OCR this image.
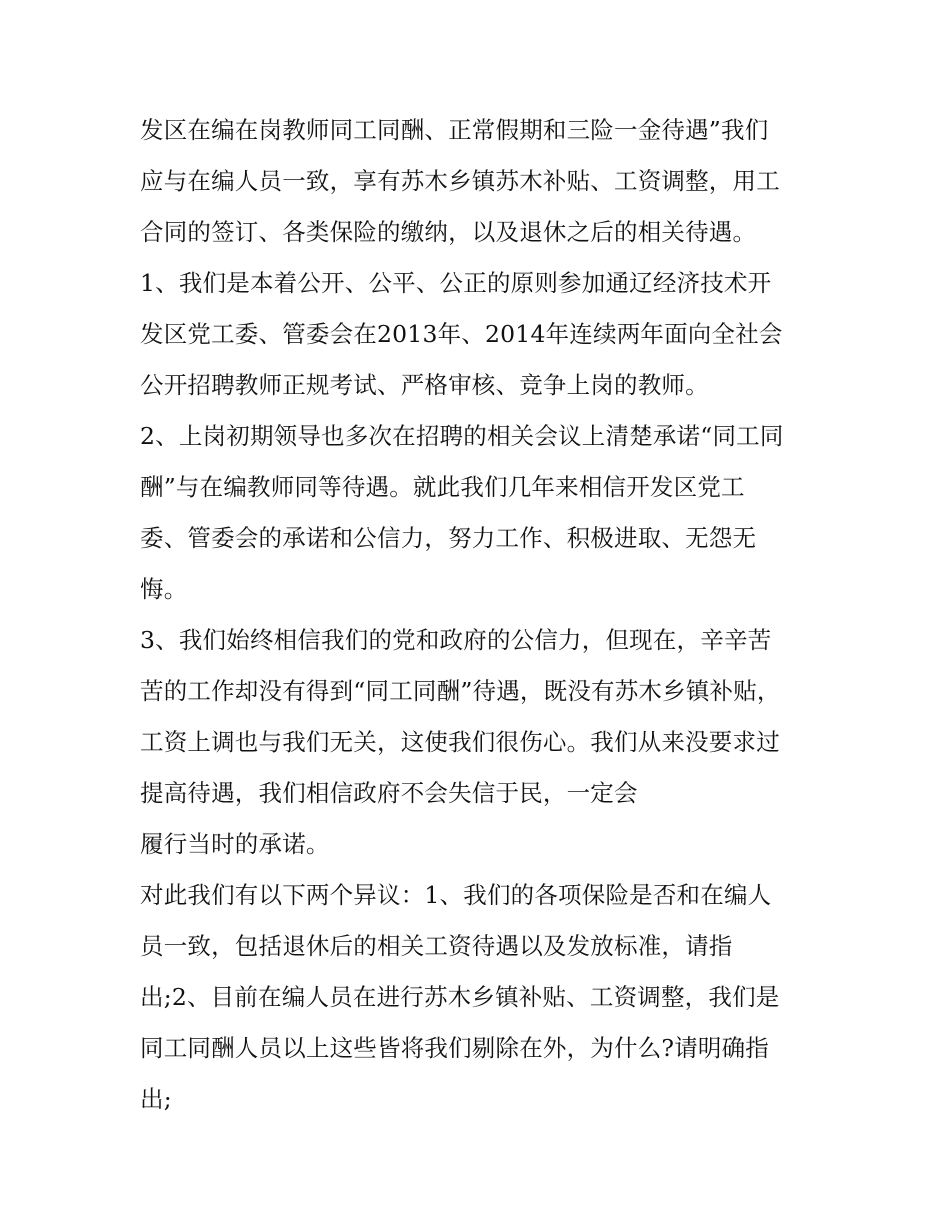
发区在编在岗教师同工同酬、正常假期和三险一金待遇”我们
应与在编人员一致，享有苏木乡镇苏木补贴、工资调整，用工
合同的签订、各类保险的缴纳，以及退休之后的相关待遇。
1、我们是本着公开、公平、公正的原则参加通辽经济技术开
发区党工委、管委会在2013年、2014年连续两年面向全社会
公开招聘教师正规考试、严格审核、竞争上岗的教师。
2、上岗初期领导也多次在招聘的相关会议上清楚承诺“同工同
酬”与在编教师同等待遇。就此我们几年来相信开发区党工
委、管委会的承诺和公信力，努力工作、积极进取、无怨无
悔。
3、我们始终相信我们的党和政府的公信力，但现在，辛辛苦
苦的工作却没有得到“同工同酬”待遇，既没有苏木乡镇补贴，
工资上调也与我们无关，这使我们很伤心。我们从来没要求过
提高待遇，我们相信政府不会失信于民，一定会
履行当时的承诺。
对此我们有以下两个异议：1、我们的各项保险是否和在编人
员一致，包括退休后的相关工资待遇以及发放标准，请指
出;2、目前在编人员在进行苏木乡镇补贴、工资调整，我们是
同工同酬人员以上这些皆将我们剔除在外，为什么?请明确指
出;
